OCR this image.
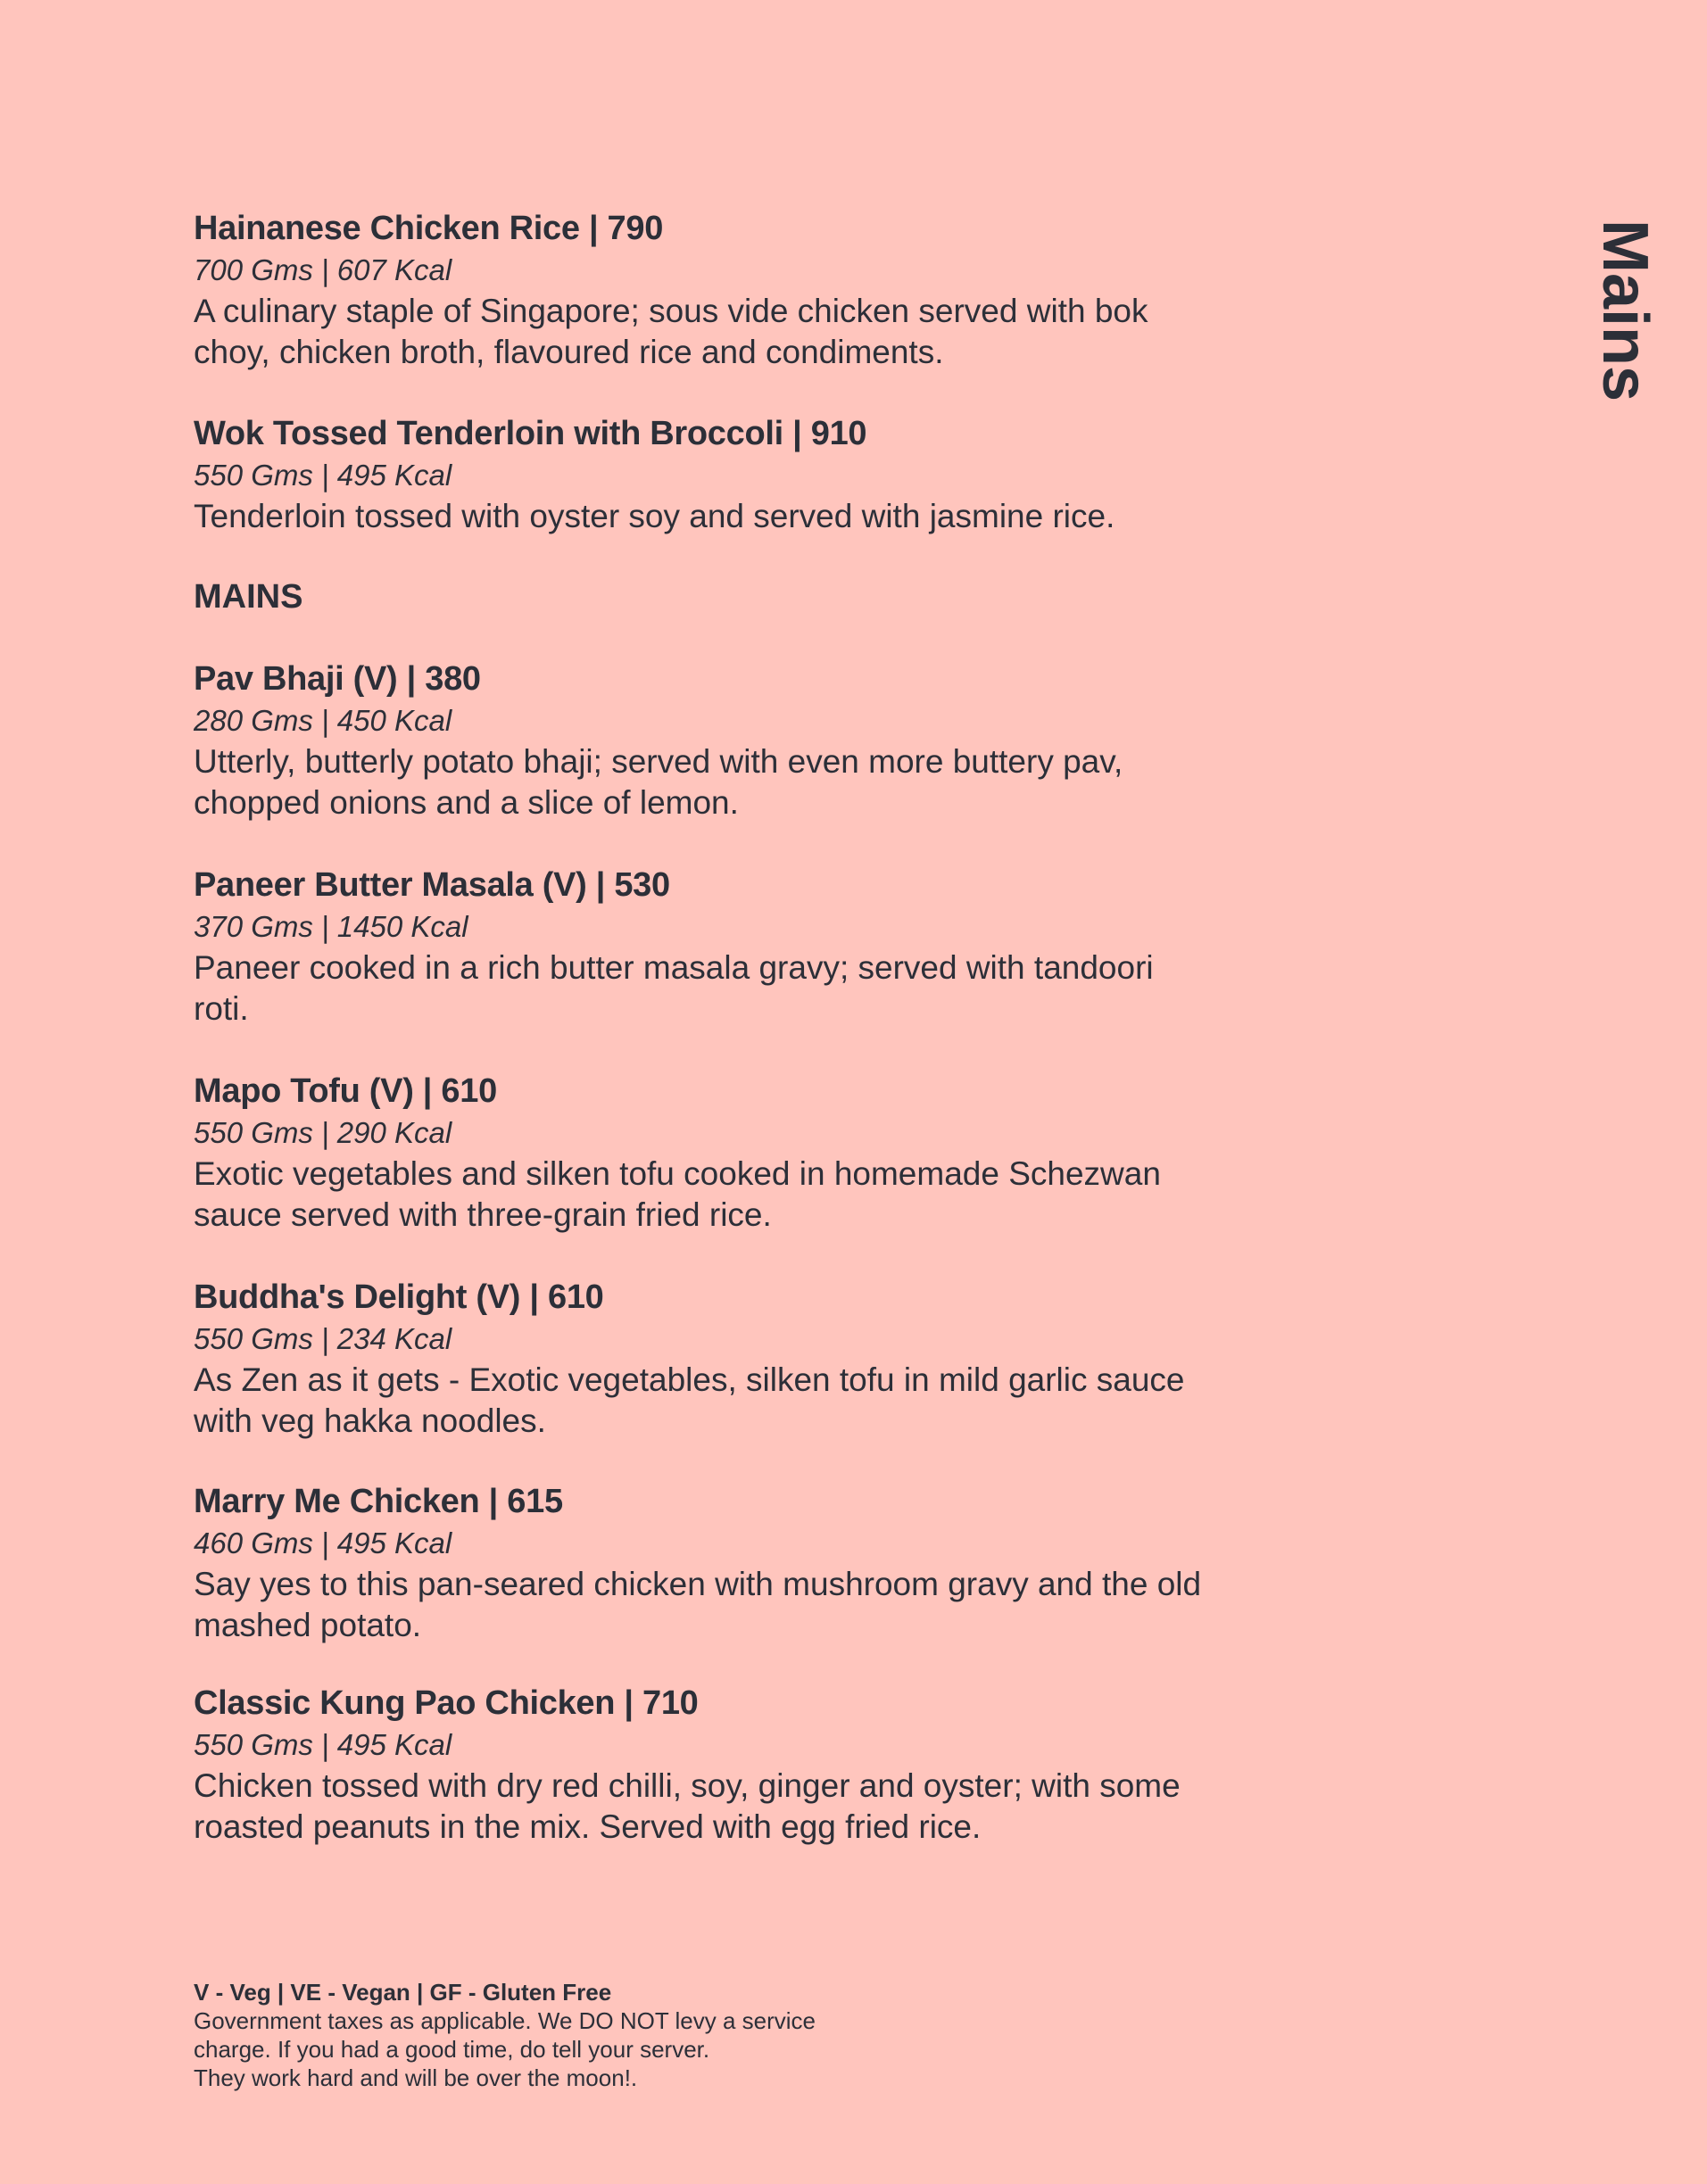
Mains
Hainanese Chicken Rice | 790
700 Gms | 607 Kcal
A culinary staple of Singapore; sous vide chicken served with bok choy, chicken broth, flavoured rice and condiments.
Wok Tossed Tenderloin with Broccoli | 910
550 Gms | 495 Kcal
Tenderloin tossed with oyster soy and served with jasmine rice.
MAINS
Pav Bhaji (V) | 380
280 Gms | 450 Kcal
Utterly, butterly potato bhaji; served with even more buttery pav, chopped onions and a slice of lemon.
Paneer Butter Masala (V) | 530
370 Gms | 1450 Kcal
Paneer cooked in a rich butter masala gravy; served with tandoori roti.
Mapo Tofu (V) | 610
550 Gms | 290 Kcal
Exotic vegetables and silken tofu cooked in homemade Schezwan sauce served with three-grain fried rice.
Buddha's Delight (V) | 610
550 Gms | 234 Kcal
As Zen as it gets - Exotic vegetables, silken tofu in mild garlic sauce with veg hakka noodles.
Marry Me Chicken | 615
460 Gms | 495 Kcal
Say yes to this pan-seared chicken with mushroom gravy and the old mashed potato.
Classic Kung Pao Chicken | 710
550 Gms | 495 Kcal
Chicken tossed with dry red chilli, soy, ginger and oyster; with some roasted peanuts in the mix. Served with egg fried rice.
V - Veg | VE - Vegan | GF - Gluten Free
Government taxes as applicable. We DO NOT levy a service
charge. If you had a good time, do tell your server.
They work hard and will be over the moon!.
